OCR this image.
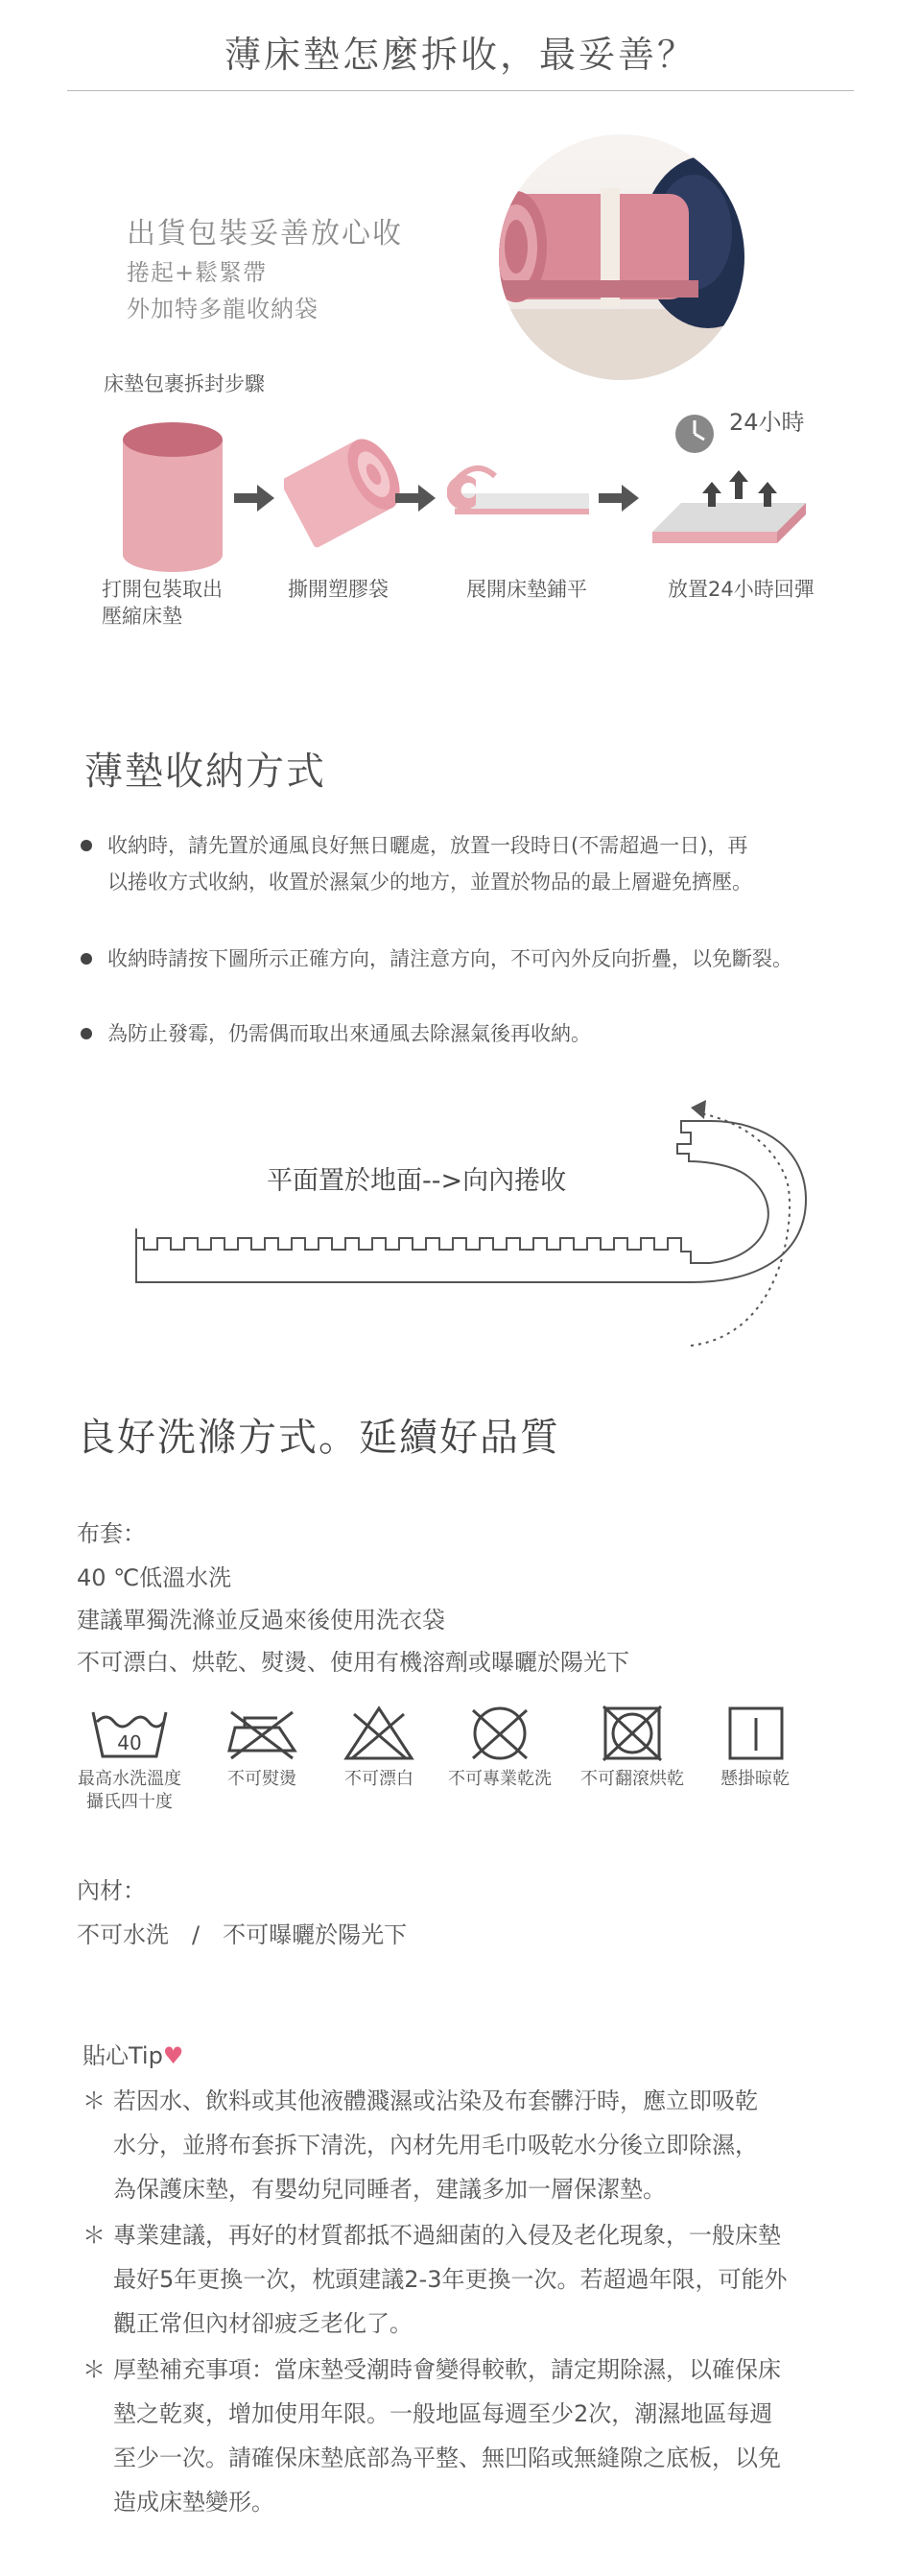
薄床墊怎麼拆收，最妥善？
出貨包裝妥善放心收
捲起+鬆緊帶
外加特多龍收納袋
床墊包裹拆封步驟
24小時
打開包裝取出
壓縮床墊
撕開塑膠袋	展開床墊鋪平	放置24小時回彈
薄墊收納方式
收納時，請先置於通風良好無日曬處，放置一段時日(不需超過一日)，再
以捲收方式收納，收置於濕氣少的地方，並置於物品的最上層避免擠壓。
收納時請按下圖所示正確方向，請注意方向，不可內外反向折疊，以免斷裂。
為防止發霉，仍需偶而取出來通風去除濕氣後再收納。
平面置於地面-->向內捲收
良好洗滌方式。延續好品質
布套：
40 ℃低溫水洗
建議單獨洗滌並反過來後使用洗衣袋
不可漂白、烘乾、熨燙、使用有機溶劑或曝曬於陽光下
40
最高水洗溫度
攝氏四十度
不可熨燙	不可漂白	不可專業乾洗	不可翻滾烘乾	懸掛晾乾
內材：
不可水洗　/　不可曝曬於陽光下
貼心Tip♥
＊ 若因水、飲料或其他液體濺濕或沾染及布套髒汙時，應立即吸乾
水分，並將布套拆下清洗，內材先用毛巾吸乾水分後立即除濕，
為保護床墊，有嬰幼兒同睡者，建議多加一層保潔墊。
＊ 專業建議，再好的材質都抵不過細菌的入侵及老化現象，一般床墊
最好5年更換一次，枕頭建議2-3年更換一次。若超過年限，可能外
觀正常但內材卻疲乏老化了。
＊ 厚墊補充事項：當床墊受潮時會變得較軟，請定期除濕，以確保床
墊之乾爽，增加使用年限。一般地區每週至少2次，潮濕地區每週
至少一次。請確保床墊底部為平整、無凹陷或無縫隙之底板，以免
造成床墊變形。
